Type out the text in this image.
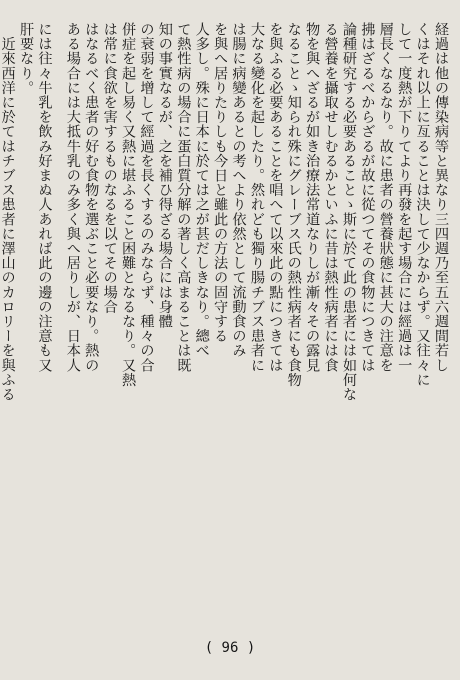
経過は他の傳染病等と異なり三四週乃至五六週間若し
くはそれ以上に亙ることは決して少なからず。又往々に
して一度熱が下りてより再發を起す場合には經過は一
層長くなるなり。故に患者の營養狀態に甚大の注意を
拂はざるべからざるが故に從つてその食物につきては
論種研究する必要あることゝ斯に於て此の患者には如何な
る營養を攝取せしむるかといふに昔は熱性病者には食
物を與へざるが如き治療法常道なりしが漸々その露見
なることゝ知られ殊にグレーブス氏の熱性病者にも食物
を與ふる必要あることを唱へて以來此の點につきては
大なる變化を起したり。然れども獨り腸チブス患者に
は腸に病變あるとの考へより依然として流動食のみ
を與へ居りたりしも今日と雖此の方法の固守する
人多し。殊に日本に於ては之が甚だしきなり。總べ
て熱性病の場合に蛋白質分解の著しく高まることは既
知の事實なるが、之を補ひ得ざる場合には身體
の衰弱を增して經過を長くするのみならず、種々の合
併症を起し易く又熱に堪ふること困難となるなり。又熱
は常に食欲を害するものなるを以てその場合
はなるべく患者の好む食物を選ぶこと必要なり。熱の
ある場合には大抵牛乳のみ多く與へ居りしが、日本人
には往々牛乳を飲み好まぬ人あれば此の邊の注意も又
肝要なり。
　近來西洋に於てはチブス患者に澤山のカロリーを與ふる
( 96 )
